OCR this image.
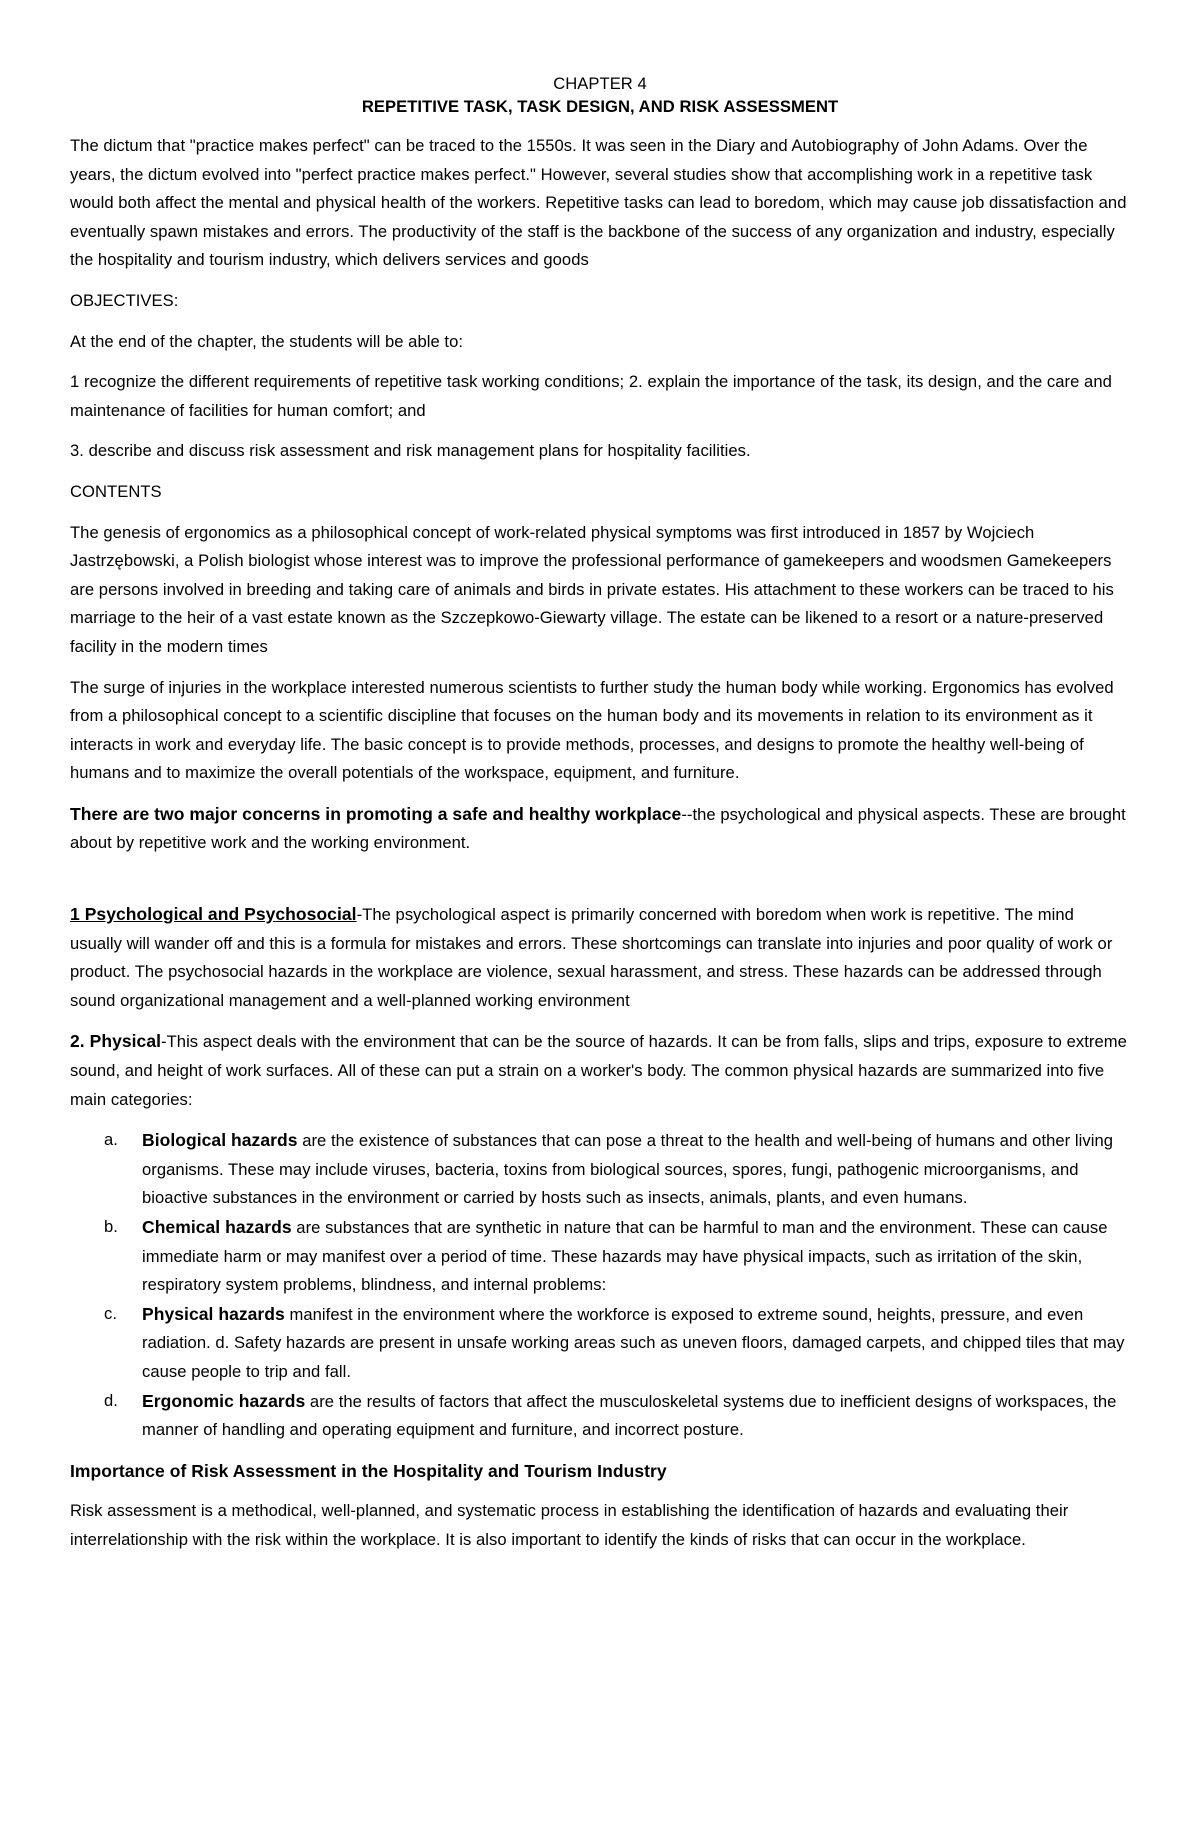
CHAPTER 4
REPETITIVE TASK, TASK DESIGN, AND RISK ASSESSMENT

The dictum that "practice makes perfect" can be traced to the 1550s. It was seen in the Diary and Autobiography of John Adams. Over the years, the dictum evolved into "perfect practice makes perfect." However, several studies show that accomplishing work in a repetitive task would both affect the mental and physical health of the workers. Repetitive tasks can lead to boredom, which may cause job dissatisfaction and eventually spawn mistakes and errors. The productivity of the staff is the backbone of the success of any organization and industry, especially the hospitality and tourism industry, which delivers services and goods

OBJECTIVES:

At the end of the chapter, the students will be able to:

1 recognize the different requirements of repetitive task working conditions; 2. explain the importance of the task, its design, and the care and maintenance of facilities for human comfort; and

3. describe and discuss risk assessment and risk management plans for hospitality facilities.

CONTENTS

The genesis of ergonomics as a philosophical concept of work-related physical symptoms was first introduced in 1857 by Wojciech Jastrzębowski, a Polish biologist whose interest was to improve the professional performance of gamekeepers and woodsmen Gamekeepers are persons involved in breeding and taking care of animals and birds in private estates. His attachment to these workers can be traced to his marriage to the heir of a vast estate known as the Szczepkowo-Giewarty village. The estate can be likened to a resort or a nature-preserved facility in the modern times

The surge of injuries in the workplace interested numerous scientists to further study the human body while working. Ergonomics has evolved from a philosophical concept to a scientific discipline that focuses on the human body and its movements in relation to its environment as it interacts in work and everyday life. The basic concept is to provide methods, processes, and designs to promote the healthy well-being of humans and to maximize the overall potentials of the workspace, equipment, and furniture.

There are two major concerns in promoting a safe and healthy workplace--the psychological and physical aspects. These are brought about by repetitive work and the working environment.

1 Psychological and Psychosocial-The psychological aspect is primarily concerned with boredom when work is repetitive. The mind usually will wander off and this is a formula for mistakes and errors. These shortcomings can translate into injuries and poor quality of work or product. The psychosocial hazards in the workplace are violence, sexual harassment, and stress. These hazards can be addressed through sound organizational management and a well-planned working environment

2. Physical-This aspect deals with the environment that can be the source of hazards. It can be from falls, slips and trips, exposure to extreme sound, and height of work surfaces. All of these can put a strain on a worker's body. The common physical hazards are summarized into five main categories:

a. Biological hazards are the existence of substances that can pose a threat to the health and well-being of humans and other living organisms. These may include viruses, bacteria, toxins from biological sources, spores, fungi, pathogenic microorganisms, and bioactive substances in the environment or carried by hosts such as insects, animals, plants, and even humans.
b. Chemical hazards are substances that are synthetic in nature that can be harmful to man and the environment. These can cause immediate harm or may manifest over a period of time. These hazards may have physical impacts, such as irritation of the skin, respiratory system problems, blindness, and internal problems:
c. Physical hazards manifest in the environment where the workforce is exposed to extreme sound, heights, pressure, and even radiation. d. Safety hazards are present in unsafe working areas such as uneven floors, damaged carpets, and chipped tiles that may cause people to trip and fall.
d. Ergonomic hazards are the results of factors that affect the musculoskeletal systems due to inefficient designs of workspaces, the manner of handling and operating equipment and furniture, and incorrect posture.
Importance of Risk Assessment in the Hospitality and Tourism Industry

Risk assessment is a methodical, well-planned, and systematic process in establishing the identification of hazards and evaluating their interrelationship with the risk within the workplace. It is also important to identify the kinds of risks that can occur in the workplace.
